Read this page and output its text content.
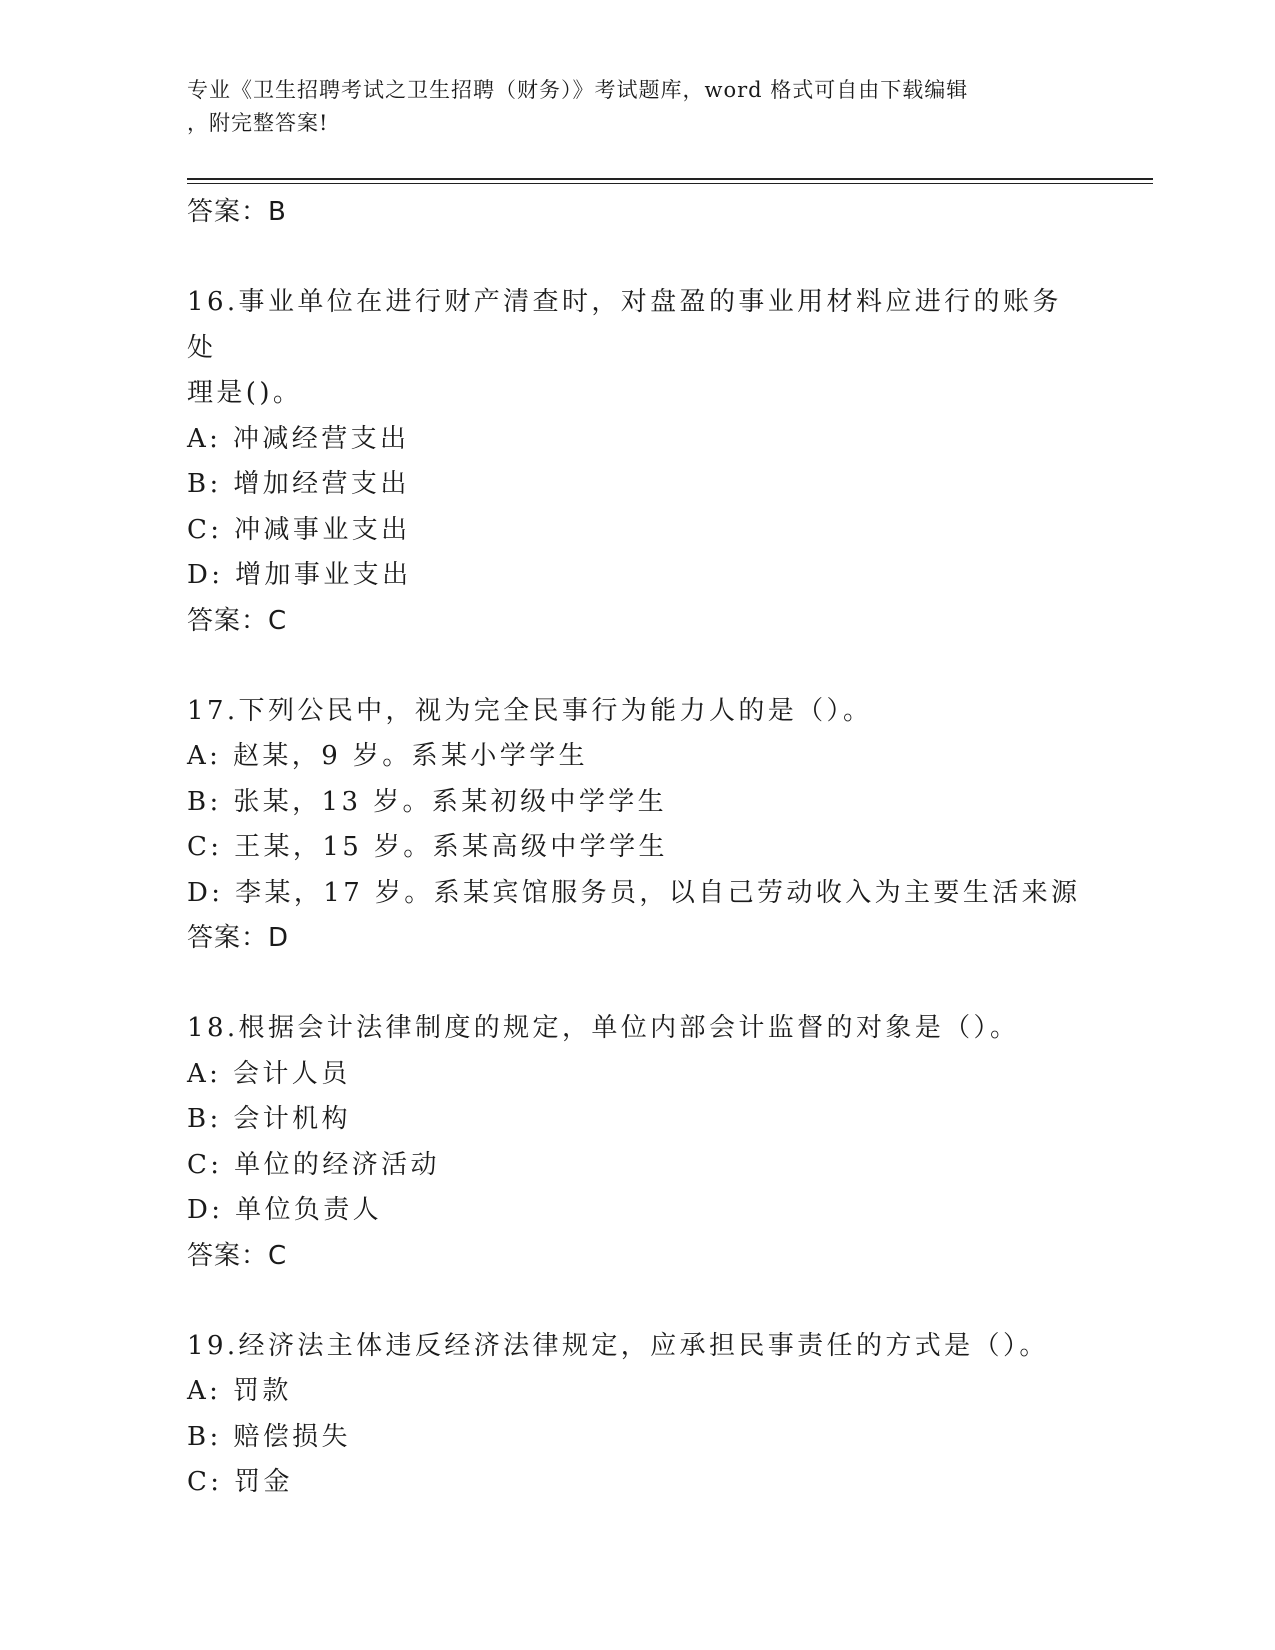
专业《卫生招聘考试之卫生招聘（财务）》考试题库，word 格式可自由下载编辑
，附完整答案!
答案：B
16.事业单位在进行财产清查时，对盘盈的事业用材料应进行的账务处
理是()。
A: 冲减经营支出
B: 增加经营支出
C: 冲减事业支出
D: 增加事业支出
答案：C
17.下列公民中，视为完全民事行为能力人的是（）。
A: 赵某，9 岁。系某小学学生
B: 张某，13 岁。系某初级中学学生
C: 王某，15 岁。系某高级中学学生
D: 李某，17 岁。系某宾馆服务员，以自己劳动收入为主要生活来源
答案：D
18.根据会计法律制度的规定，单位内部会计监督的对象是（）。
A: 会计人员
B: 会计机构
C: 单位的经济活动
D: 单位负责人
答案：C
19.经济法主体违反经济法律规定，应承担民事责任的方式是（）。
A: 罚款
B: 赔偿损失
C: 罚金
